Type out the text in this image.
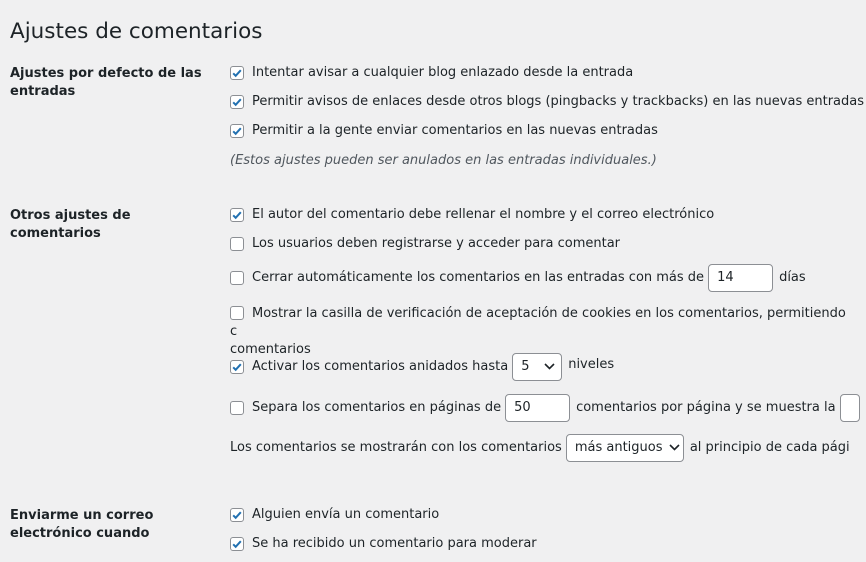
Ajustes de comentarios
Ajustes por defecto de las entradas
Intentar avisar a cualquier blog enlazado desde la entrada
Permitir avisos de enlaces desde otros blogs (pingbacks y trackbacks) en las nuevas entradas
Permitir a la gente enviar comentarios en las nuevas entradas
(Estos ajustes pueden ser anulados en las entradas individuales.)
Otros ajustes de comentarios
El autor del comentario debe rellenar el nombre y el correo electrónico
Los usuarios deben registrarse y acceder para comentar
Cerrar automáticamente los comentarios en las entradas con más de	14	días
Mostrar la casilla de verificación de aceptación de cookies en los comentarios, permitiendo c
comentarios
Activar los comentarios anidados hasta 5	niveles
Separa los comentarios en páginas de	50	comentarios por página y se muestra la
Los comentarios se mostrarán con los comentarios más antiguos al principio de cada pági
Enviarme un correo electrónico cuando
Alguien envía un comentario
Se ha recibido un comentario para moderar
